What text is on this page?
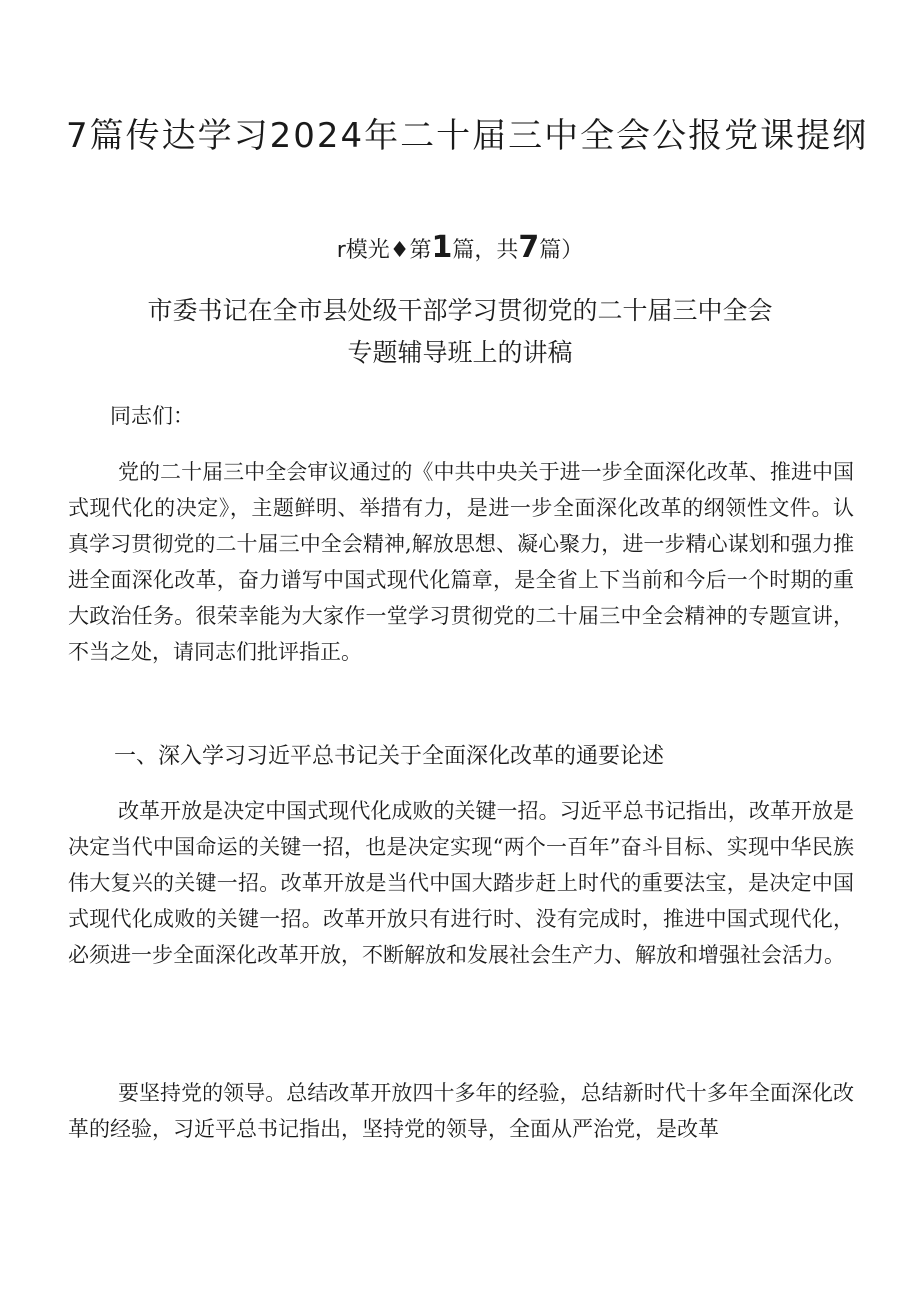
7篇传达学习2024年二十届三中全会公报党课提纲
r模光♦第1篇，共7篇）
市委书记在全市县处级干部学习贯彻党的二十届三中全会
专题辅导班上的讲稿
同志们：
党的二十届三中全会审议通过的《中共中央关于进一步全面深化改革、推进中国式现代化的决定》，主题鲜明、举措有力，是进一步全面深化改革的纲领性文件。认真学习贯彻党的二十届三中全会精神,解放思想、凝心聚力，进一步精心谋划和强力推进全面深化改革，奋力谱写中国式现代化篇章，是全省上下当前和今后一个时期的重大政治任务。很荣幸能为大家作一堂学习贯彻党的二十届三中全会精神的专题宣讲，不当之处，请同志们批评指正。
一、深入学习习近平总书记关于全面深化改革的通要论述
改革开放是决定中国式现代化成败的关键一招。习近平总书记指出，改革开放是决定当代中国命运的关键一招，也是决定实现“两个一百年”奋斗目标、实现中华民族伟大复兴的关键一招。改革开放是当代中国大踏步赶上时代的重要法宝，是决定中国式现代化成败的关键一招。改革开放只有进行时、没有完成时，推进中国式现代化，必须进一步全面深化改革开放，不断解放和发展社会生产力、解放和增强社会活力。
要坚持党的领导。总结改革开放四十多年的经验，总结新时代十多年全面深化改革的经验，习近平总书记指出，坚持党的领导，全面从严治党，是改革
